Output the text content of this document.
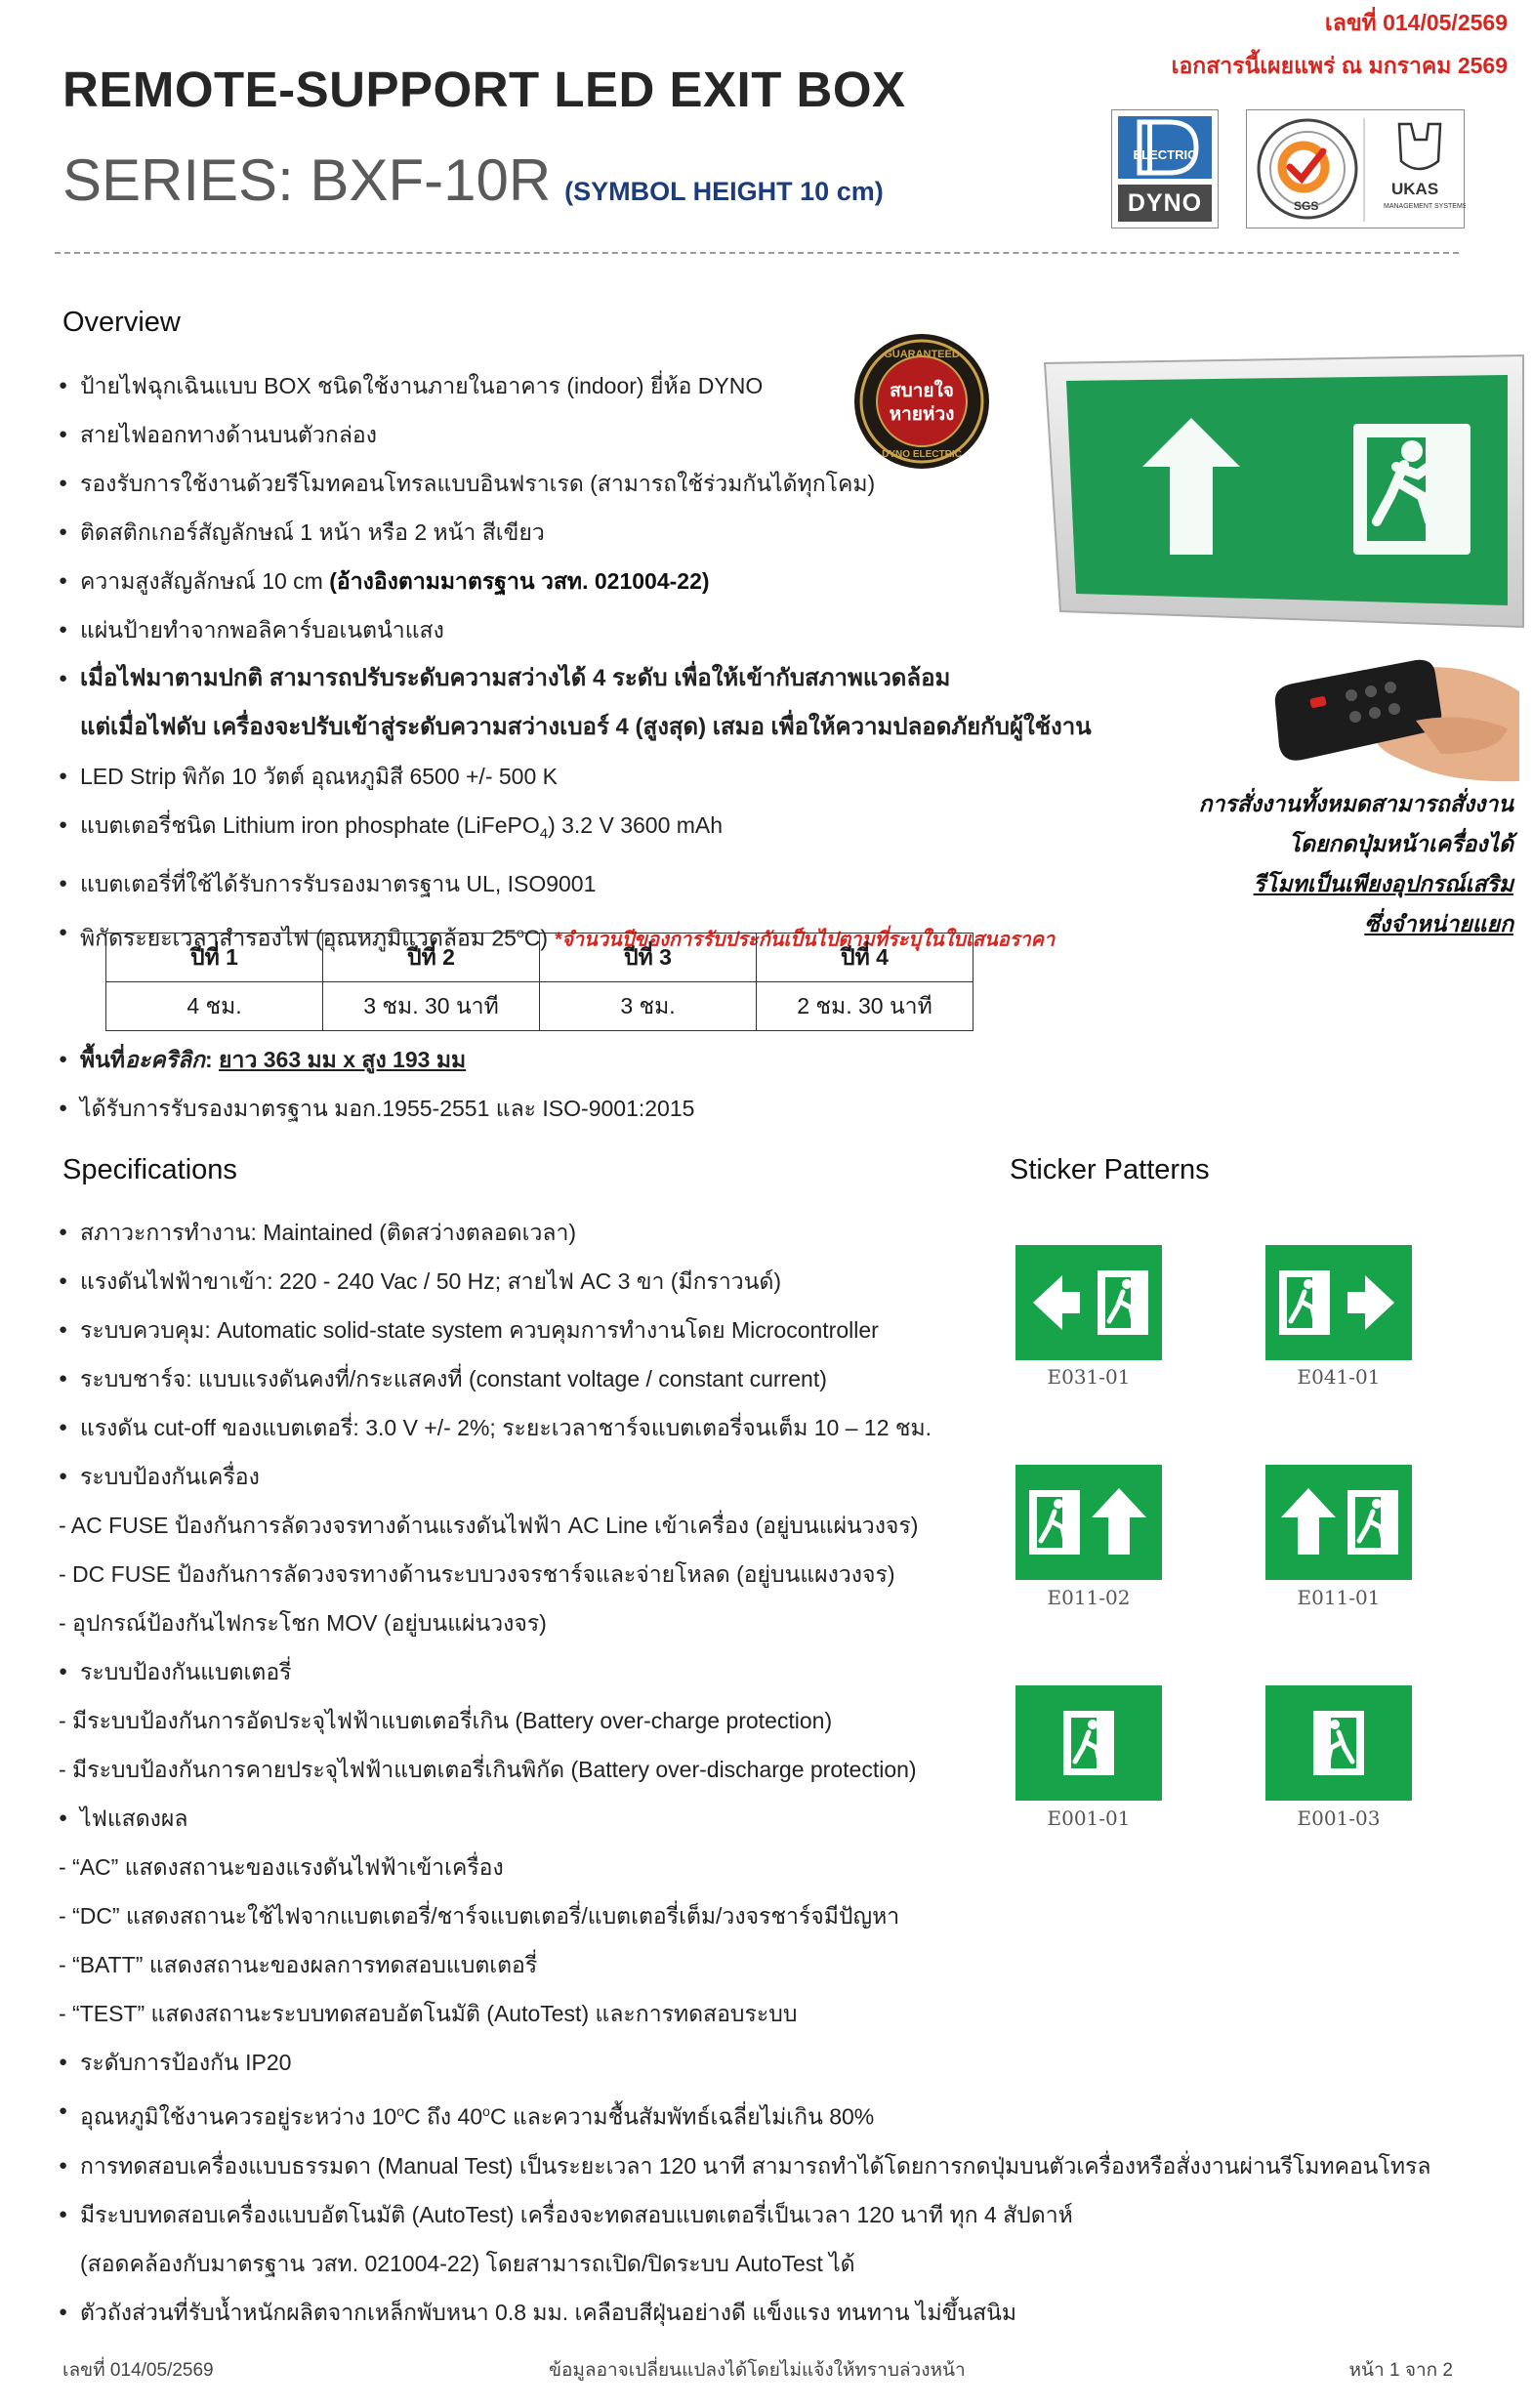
เลขที่ 014/05/2569
เอกสารนี้เผยแพร่ ณ มกราคม 2569
REMOTE-SUPPORT LED EXIT BOX
SERIES: BXF-10R (SYMBOL HEIGHT 10 cm)
ELECTRIC
DYNO	SGS
UKAS
MANAGEMENT SYSTEMS
Overview
GUARANTEED
สบายใจ
หายห่วง
DYNO ELECTRIC
● ป้ายไฟฉุกเฉินแบบ BOX ชนิดใช้งานภายในอาคาร (indoor) ยี่ห้อ DYNO
● สายไฟออกทางด้านบนตัวกล่อง
● รองรับการใช้งานด้วยรีโมทคอนโทรลแบบอินฟราเรด (สามารถใช้ร่วมกันได้ทุกโคม)
● ติดสติกเกอร์สัญลักษณ์ 1 หน้า หรือ 2 หน้า สีเขียว
● ความสูงสัญลักษณ์ 10 cm (อ้างอิงตามมาตรฐาน วสท. 021004-22)
● แผ่นป้ายทำจากพอลิคาร์บอเนตนำแสง
● เมื่อไฟมาตามปกติ สามารถปรับระดับความสว่างได้ 4 ระดับ เพื่อให้เข้ากับสภาพแวดล้อม
แต่เมื่อไฟดับ เครื่องจะปรับเข้าสู่ระดับความสว่างเบอร์ 4 (สูงสุด) เสมอ เพื่อให้ความปลอดภัยกับผู้ใช้งาน
● LED Strip พิกัด 10 วัตต์ อุณหภูมิสี 6500 +/- 500 K
● แบตเตอรี่ชนิด Lithium iron phosphate (LiFePO$_4$) 3.2 V 3600 mAh
● แบตเตอรี่ที่ใช้ได้รับการรับรองมาตรฐาน UL, ISO9001
● พิกัดระยะเวลาสำรองไฟ (อุณหภูมิแวดล้อม 25$^o$C) *จำนวนปีของการรับประกันเป็นไปตามที่ระบุในใบเสนอราคา
ปีที่ 1	ปีที่ 2	ปีที่ 3	ปีที่ 4
4 ชม.	3 ชม. 30 นาที	3 ชม.	2 ชม. 30 นาที
● พื้นที่อะคริลิก: ยาว 363 มม x สูง 193 มม
● ได้รับการรับรองมาตรฐาน มอก.1955-2551 และ ISO-9001:2015
การสั่งงานทั้งหมดสามารถสั่งงาน
โดยกดปุ่มหน้าเครื่องได้
รีโมทเป็นเพียงอุปกรณ์เสริม
ซึ่งจำหน่ายแยก
Specifications
● สภาวะการทำงาน: Maintained (ติดสว่างตลอดเวลา)
● แรงดันไฟฟ้าขาเข้า: 220 - 240 Vac / 50 Hz; สายไฟ AC 3 ขา (มีกราวนด์)
● ระบบควบคุม: Automatic solid-state system ควบคุมการทำงานโดย Microcontroller
● ระบบชาร์จ: แบบแรงดันคงที่/กระแสคงที่ (constant voltage / constant current)
● แรงดัน cut-off ของแบตเตอรี่: 3.0 V +/- 2%; ระยะเวลาชาร์จแบตเตอรี่จนเต็ม 10 – 12 ชม.
● ระบบป้องกันเครื่อง
- AC FUSE ป้องกันการลัดวงจรทางด้านแรงดันไฟฟ้า AC Line เข้าเครื่อง (อยู่บนแผ่นวงจร)
- DC FUSE ป้องกันการลัดวงจรทางด้านระบบวงจรชาร์จและจ่ายโหลด (อยู่บนแผงวงจร)
- อุปกรณ์ป้องกันไฟกระโชก MOV (อยู่บนแผ่นวงจร)
● ระบบป้องกันแบตเตอรี่
- มีระบบป้องกันการอัดประจุไฟฟ้าแบตเตอรี่เกิน (Battery over-charge protection)
- มีระบบป้องกันการคายประจุไฟฟ้าแบตเตอรี่เกินพิกัด (Battery over-discharge protection)
● ไฟแสดงผล
- “AC” แสดงสถานะของแรงดันไฟฟ้าเข้าเครื่อง
- “DC” แสดงสถานะใช้ไฟจากแบตเตอรี่/ชาร์จแบตเตอรี่/แบตเตอรี่เต็ม/วงจรชาร์จมีปัญหา
- “BATT” แสดงสถานะของผลการทดสอบแบตเตอรี่
- “TEST” แสดงสถานะระบบทดสอบอัตโนมัติ (AutoTest) และการทดสอบระบบ
● ระดับการป้องกัน IP20
● อุณหภูมิใช้งานควรอยู่ระหว่าง 10$^o$C ถึง 40$^o$C และความชื้นสัมพัทธ์เฉลี่ยไม่เกิน 80%
● การทดสอบเครื่องแบบธรรมดา (Manual Test) เป็นระยะเวลา 120 นาที สามารถทำได้โดยการกดปุ่มบนตัวเครื่องหรือสั่งงานผ่านรีโมทคอนโทรล
● มีระบบทดสอบเครื่องแบบอัตโนมัติ (AutoTest) เครื่องจะทดสอบแบตเตอรี่เป็นเวลา 120 นาที ทุก 4 สัปดาห์
(สอดคล้องกับมาตรฐาน วสท. 021004-22) โดยสามารถเปิด/ปิดระบบ AutoTest ได้
● ตัวถังส่วนที่รับน้ำหนักผลิตจากเหล็กพับหนา 0.8 มม. เคลือบสีฝุ่นอย่างดี แข็งแรง ทนทาน ไม่ขึ้นสนิม
Sticker Patterns
E031-01	E041-01
E011-02	E011-01
E001-01	E001-03
เลขที่ 014/05/2569	ข้อมูลอาจเปลี่ยนแปลงได้โดยไม่แจ้งให้ทราบล่วงหน้า	หน้า 1 จาก 2
